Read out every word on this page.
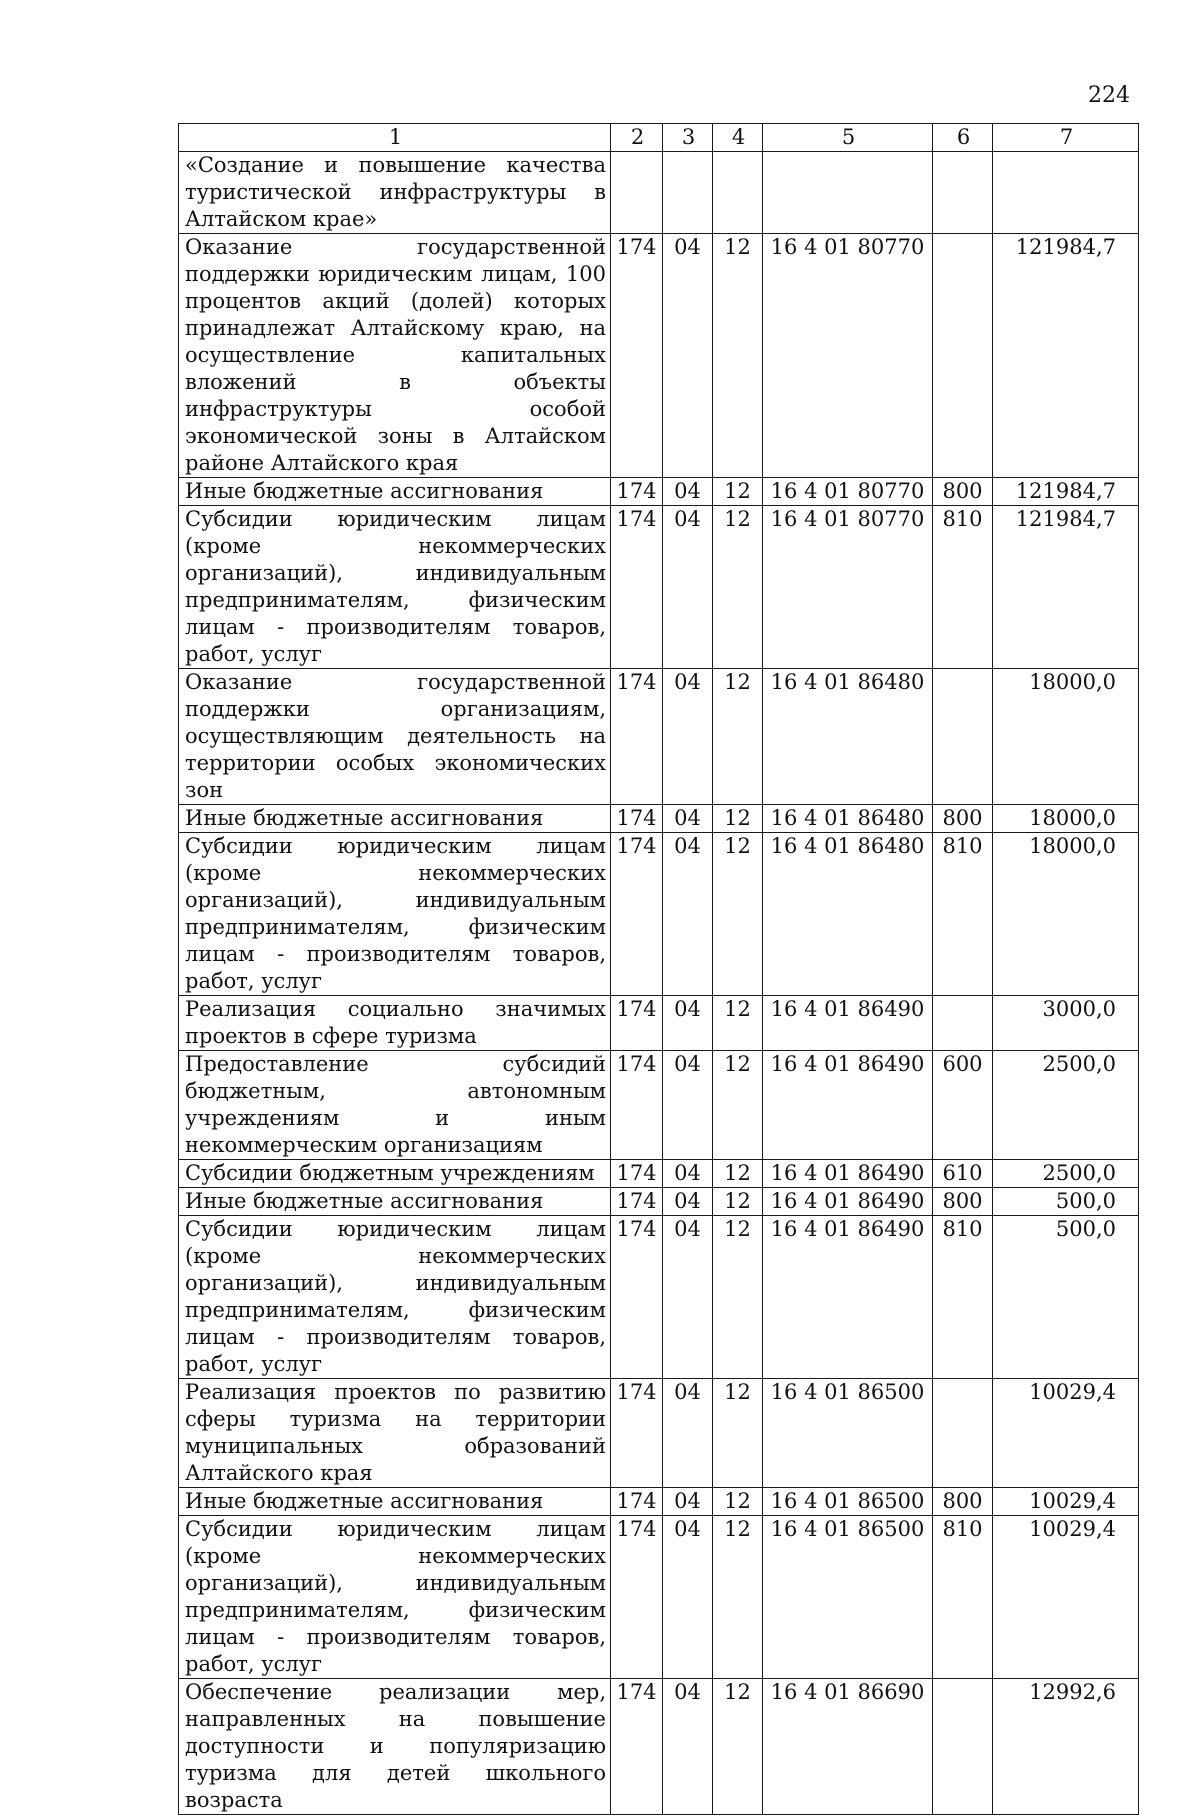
224
1	2	3	4	5	6	7
«Создание и повышение качества туристической инфраструктуры в Алтайском крае»						
Оказание государственной поддержки юридическим лицам, 100 процентов акций (долей) которых принадлежат Алтайскому краю, на осуществление капитальных вложений в объекты инфраструктуры особой экономической зоны в Алтайском районе Алтайского края	174	04	12	16 4 01 80770		121984,7
Иные бюджетные ассигнования	174	04	12	16 4 01 80770	800	121984,7
Субсидии юридическим лицам (кроме некоммерческих организаций), индивидуальным предпринимателям, физическим лицам - производителям товаров, работ, услуг	174	04	12	16 4 01 80770	810	121984,7
Оказание государственной поддержки организациям, осуществляющим деятельность на территории особых экономических зон	174	04	12	16 4 01 86480		18000,0
Иные бюджетные ассигнования	174	04	12	16 4 01 86480	800	18000,0
Субсидии юридическим лицам (кроме некоммерческих организаций), индивидуальным предпринимателям, физическим лицам - производителям товаров, работ, услуг	174	04	12	16 4 01 86480	810	18000,0
Реализация социально значимых проектов в сфере туризма	174	04	12	16 4 01 86490		3000,0
Предоставление субсидий бюджетным, автономным учреждениям и иным некоммерческим организациям	174	04	12	16 4 01 86490	600	2500,0
Субсидии бюджетным учреждениям	174	04	12	16 4 01 86490	610	2500,0
Иные бюджетные ассигнования	174	04	12	16 4 01 86490	800	500,0
Субсидии юридическим лицам (кроме некоммерческих организаций), индивидуальным предпринимателям, физическим лицам - производителям товаров, работ, услуг	174	04	12	16 4 01 86490	810	500,0
Реализация проектов по развитию сферы туризма на территории муниципальных образований Алтайского края	174	04	12	16 4 01 86500		10029,4
Иные бюджетные ассигнования	174	04	12	16 4 01 86500	800	10029,4
Субсидии юридическим лицам (кроме некоммерческих организаций), индивидуальным предпринимателям, физическим лицам - производителям товаров, работ, услуг	174	04	12	16 4 01 86500	810	10029,4
Обеспечение реализации мер, направленных на повышение доступности и популяризацию туризма для детей школьного возраста	174	04	12	16 4 01 86690		12992,6
